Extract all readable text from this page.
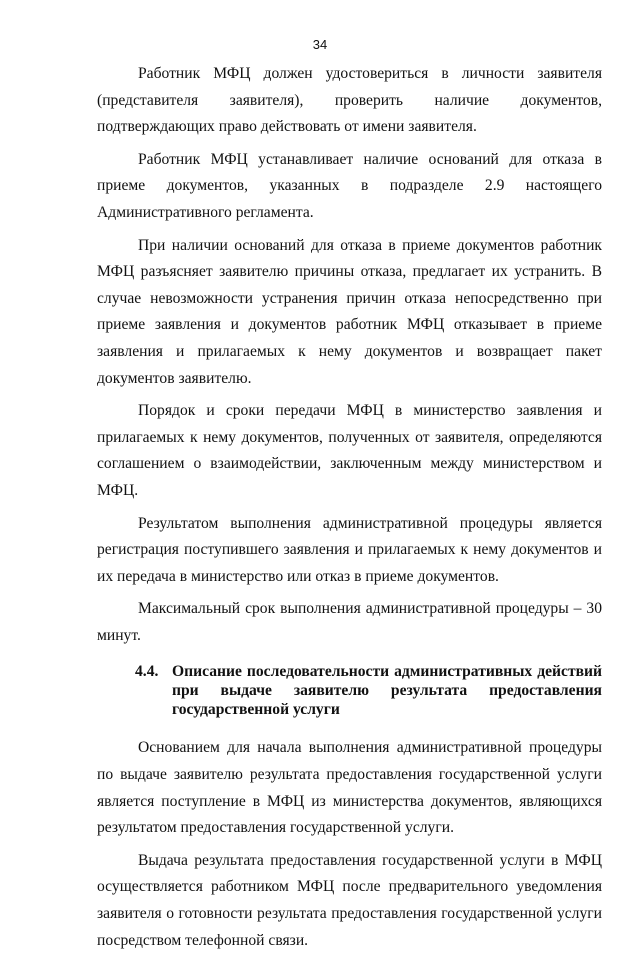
34

Работник МФЦ должен удостовериться в личности заявителя (представителя заявителя), проверить наличие документов, подтверждающих право действовать от имени заявителя.

Работник МФЦ устанавливает наличие оснований для отказа в приеме документов, указанных в подразделе 2.9 настоящего Административного регламента.

При наличии оснований для отказа в приеме документов работник МФЦ разъясняет заявителю причины отказа, предлагает их устранить. В случае невозможности устранения причин отказа непосредственно при приеме заявления и документов работник МФЦ отказывает в приеме заявления и прилагаемых к нему документов и возвращает пакет документов заявителю.

Порядок и сроки передачи МФЦ в министерство заявления и прилагаемых к нему документов, полученных от заявителя, определяются соглашением о взаимодействии, заключенным между министерством и МФЦ.

Результатом выполнения административной процедуры является регистрация поступившего заявления и прилагаемых к нему документов и их передача в министерство или отказ в приеме документов.

Максимальный срок выполнения административной процедуры – 30 минут.

4.4. Описание последовательности административных действий при выдаче заявителю результата предоставления государственной услуги

Основанием для начала выполнения административной процедуры по выдаче заявителю результата предоставления государственной услуги является поступление в МФЦ из министерства документов, являющихся результатом предоставления государственной услуги.

Выдача результата предоставления государственной услуги в МФЦ осуществляется работником МФЦ после предварительного уведомления заявителя о готовности результата предоставления государственной услуги посредством телефонной связи.
